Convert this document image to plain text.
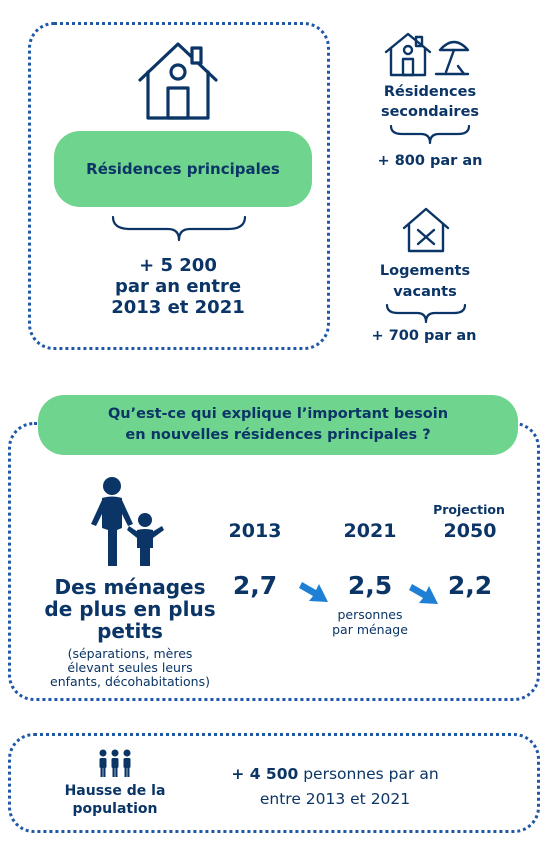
Résidences principales
+ 5 200
par an entre
2013 et 2021
Résidences
secondaires
+ 800 par an
Logements
vacants
+ 700 par an
Qu’est-ce qui explique l’important besoin
en nouvelles résidences principales ?
Des ménages
de plus en plus
petits
(séparations, mères
élevant seules leurs
enfants, décohabitations)
Projection
2013	2021	2050
2,7	2,5	2,2
personnes
par ménage
Hausse de la
population
+ 4 500 personnes par an
entre 2013 et 2021
